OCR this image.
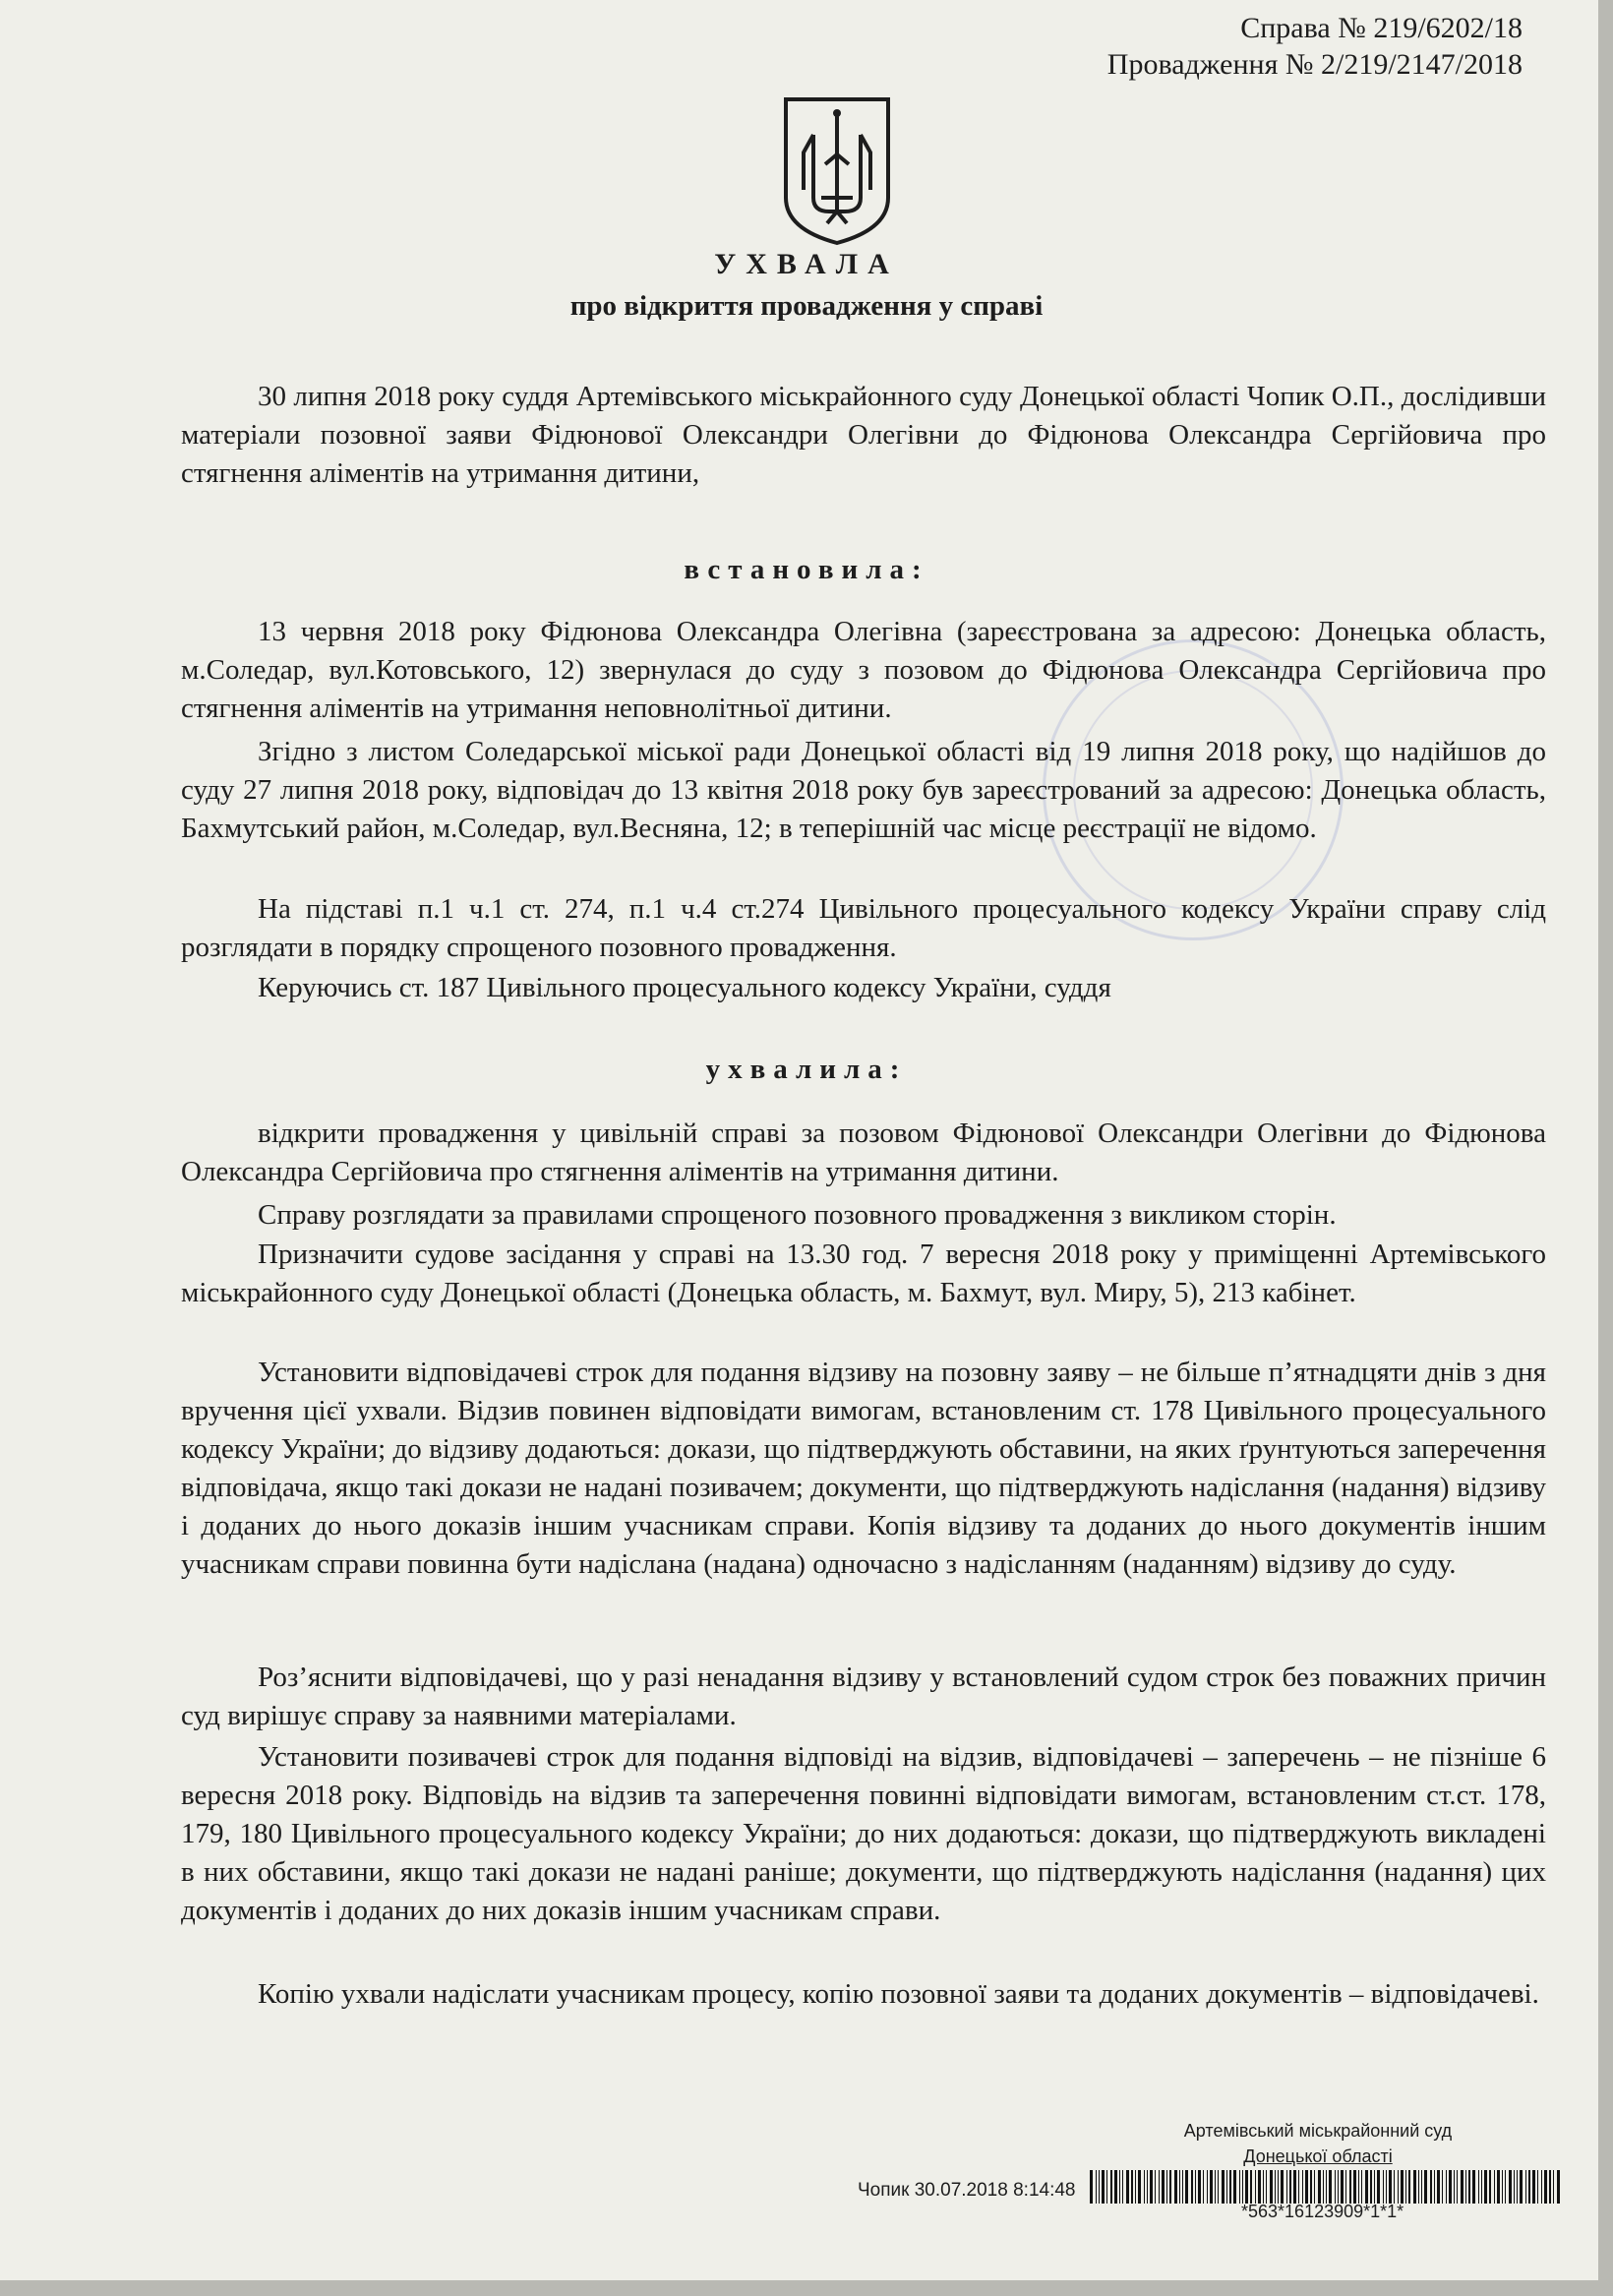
Справа № 219/6202/18
Провадження № 2/219/2147/2018
УХВАЛА
про відкриття провадження у справі

30 липня 2018 року суддя Артемівського міськрайонного суду Донецької області Чопик О.П., дослідивши матеріали позовної заяви Фідюнової Олександри Олегівни до Фідюнова Олександра Сергійовича про стягнення аліментів на утримання дитини,

встановила:

13 червня 2018 року Фідюнова Олександра Олегівна (зареєстрована за адресою: Донецька область, м.Соледар, вул.Котовського, 12) звернулася до суду з позовом до Фідюнова Олександра Сергійовича про стягнення аліментів на утримання неповнолітньої дитини.

Згідно з листом Соледарської міської ради Донецької області від 19 липня 2018 року, що надійшов до суду 27 липня 2018 року, відповідач до 13 квітня 2018 року був зареєстрований за адресою: Донецька область, Бахмутський район, м.Соледар, вул.Весняна, 12; в теперішній час місце реєстрації не відомо.

На підставі п.1 ч.1 ст. 274, п.1 ч.4 ст.274 Цивільного процесуального кодексу України справу слід розглядати в порядку спрощеного позовного провадження.

Керуючись ст. 187 Цивільного процесуального кодексу України, суддя

ухвалила:

відкрити провадження у цивільній справі за позовом Фідюнової Олександри Олегівни до Фідюнова Олександра Сергійовича про стягнення аліментів на утримання дитини.

Справу розглядати за правилами спрощеного позовного провадження з викликом сторін.

Призначити судове засідання у справі на 13.30 год. 7 вересня 2018 року у приміщенні Артемівського міськрайонного суду Донецької області (Донецька область, м. Бахмут, вул. Миру, 5), 213 кабінет.

Установити відповідачеві строк для подання відзиву на позовну заяву – не більше п’ятнадцяти днів з дня вручення цієї ухвали. Відзив повинен відповідати вимогам, встановленим ст. 178 Цивільного процесуального кодексу України; до відзиву додаються: докази, що підтверджують обставини, на яких ґрунтуються заперечення відповідача, якщо такі докази не надані позивачем; документи, що підтверджують надіслання (надання) відзиву і доданих до нього доказів іншим учасникам справи. Копія відзиву та доданих до нього документів іншим учасникам справи повинна бути надіслана (надана) одночасно з надісланням (наданням) відзиву до суду.

Роз’яснити відповідачеві, що у разі ненадання відзиву у встановлений судом строк без поважних причин суд вирішує справу за наявними матеріалами.

Установити позивачеві строк для подання відповіді на відзив, відповідачеві – заперечень – не пізніше 6 вересня 2018 року. Відповідь на відзив та заперечення повинні відповідати вимогам, встановленим ст.ст. 178, 179, 180 Цивільного процесуального кодексу України; до них додаються: докази, що підтверджують викладені в них обставини, якщо такі докази не надані раніше; документи, що підтверджують надіслання (надання) цих документів і доданих до них доказів іншим учасникам справи.

Копію ухвали надіслати учасникам процесу, копію позовної заяви та доданих документів – відповідачеві.

Артемівський міськрайонний суд
Донецької області
Чопик 30.07.2018 8:14:48
*563*16123909*1*1*
